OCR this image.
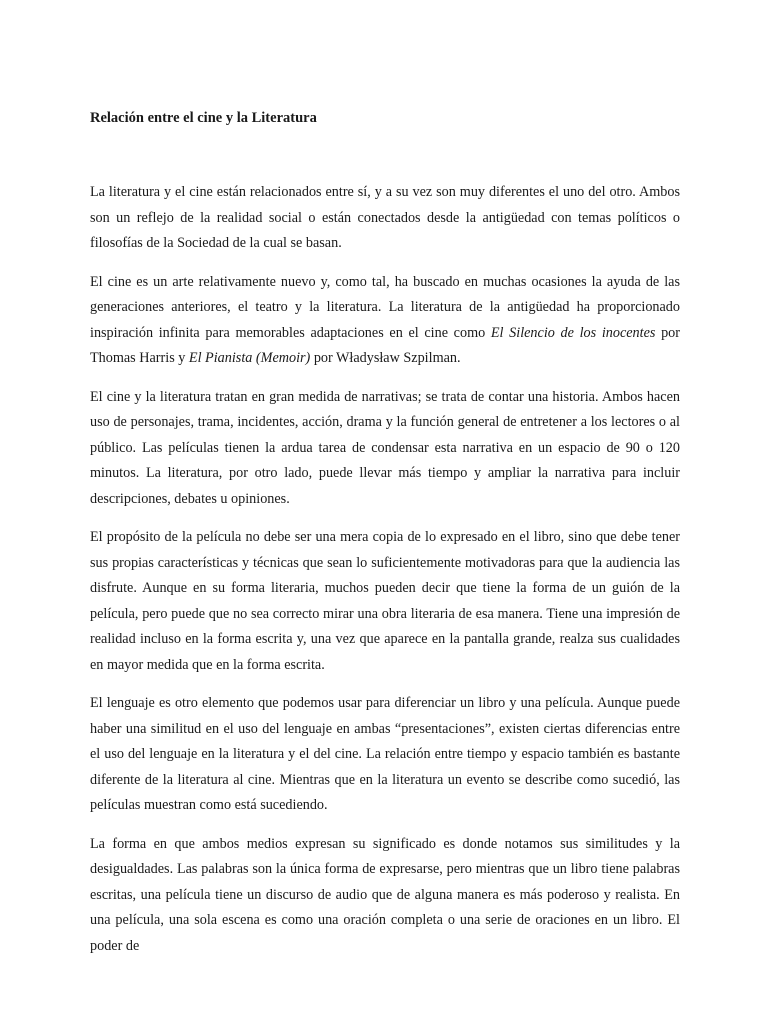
Relación entre el cine y la Literatura

La literatura y el cine están relacionados entre sí, y a su vez son muy diferentes el uno del otro. Ambos son un reflejo de la realidad social o están conectados desde la antigüedad con temas políticos o filosofías de la Sociedad de la cual se basan.

El cine es un arte relativamente nuevo y, como tal, ha buscado en muchas ocasiones la ayuda de las generaciones anteriores, el teatro y la literatura. La literatura de la antigüedad ha proporcionado inspiración infinita para memorables adaptaciones en el cine como El Silencio de los inocentes por Thomas Harris y El Pianista (Memoir) por Władysław Szpilman.

El cine y la literatura tratan en gran medida de narrativas; se trata de contar una historia. Ambos hacen uso de personajes, trama, incidentes, acción, drama y la función general de entretener a los lectores o al público. Las películas tienen la ardua tarea de condensar esta narrativa en un espacio de 90 o 120 minutos. La literatura, por otro lado, puede llevar más tiempo y ampliar la narrativa para incluir descripciones, debates u opiniones.

El propósito de la película no debe ser una mera copia de lo expresado en el libro, sino que debe tener sus propias características y técnicas que sean lo suficientemente motivadoras para que la audiencia las disfrute. Aunque en su forma literaria, muchos pueden decir que tiene la forma de un guión de la película, pero puede que no sea correcto mirar una obra literaria de esa manera. Tiene una impresión de realidad incluso en la forma escrita y, una vez que aparece en la pantalla grande, realza sus cualidades en mayor medida que en la forma escrita.

El lenguaje es otro elemento que podemos usar para diferenciar un libro y una película. Aunque puede haber una similitud en el uso del lenguaje en ambas “presentaciones”, existen ciertas diferencias entre el uso del lenguaje en la literatura y el del cine. La relación entre tiempo y espacio también es bastante diferente de la literatura al cine. Mientras que en la literatura un evento se describe como sucedió, las películas muestran como está sucediendo.

La forma en que ambos medios expresan su significado es donde notamos sus similitudes y la desigualdades. Las palabras son la única forma de expresarse, pero mientras que un libro tiene palabras escritas, una película tiene un discurso de audio que de alguna manera es más poderoso y realista. En una película, una sola escena es como una oración completa o una serie de oraciones en un libro. El poder de
